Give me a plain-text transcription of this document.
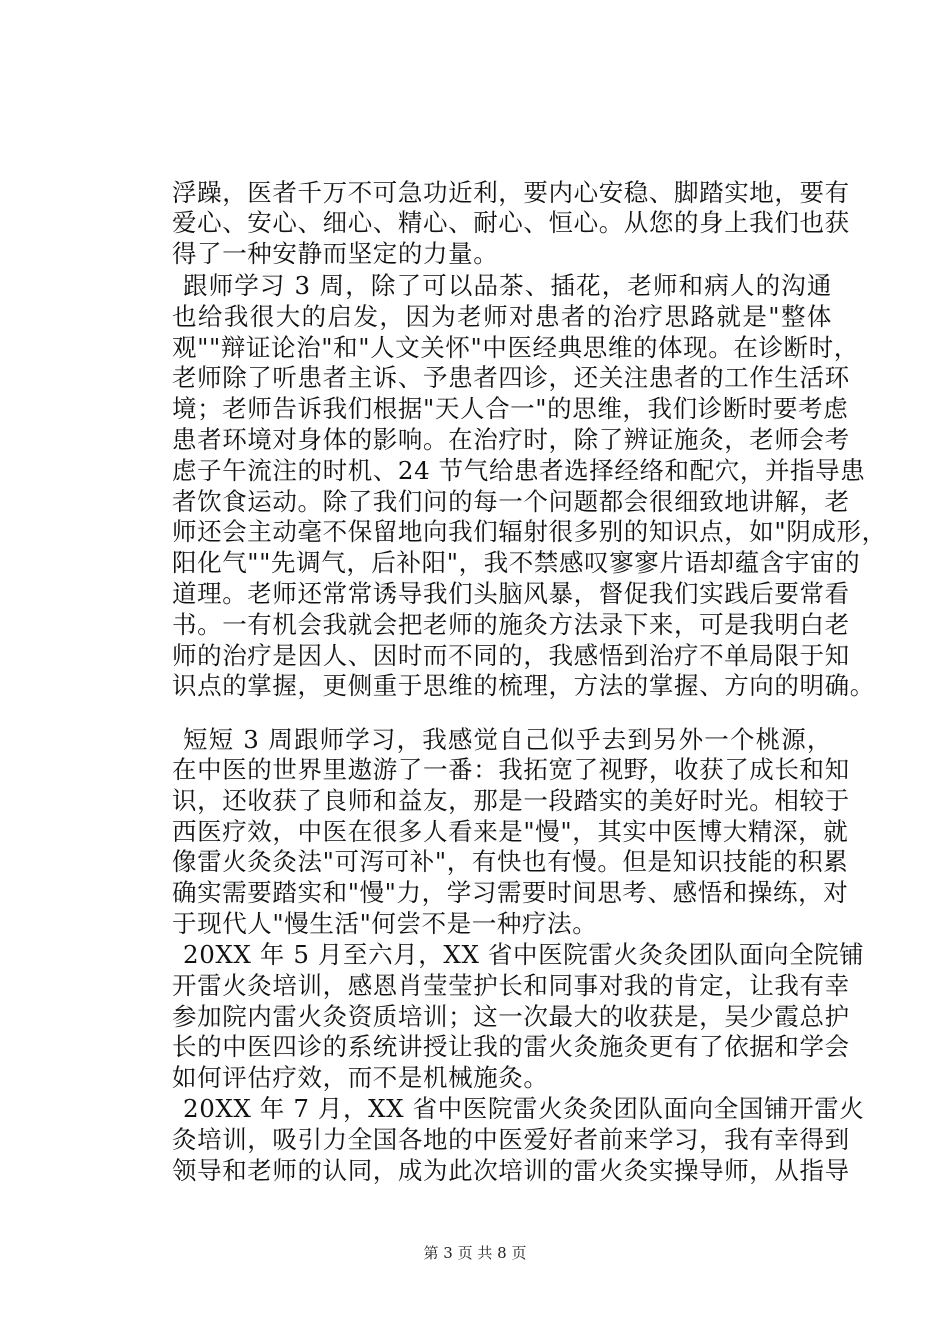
浮躁，医者千万不可急功近利，要内心安稳、脚踏实地，要有
爱心、安心、细心、精心、耐心、恒心。从您的身上我们也获
得了一种安静而坚定的力量。
跟师学习 3 周，除了可以品茶、插花，老师和病人的沟通
也给我很大的启发，因为老师对患者的治疗思路就是"整体
观""辩证论治"和"人文关怀"中医经典思维的体现。在诊断时，
老师除了听患者主诉、予患者四诊，还关注患者的工作生活环
境；老师告诉我们根据"天人合一"的思维，我们诊断时要考虑
患者环境对身体的影响。在治疗时，除了辨证施灸，老师会考
虑子午流注的时机、24 节气给患者选择经络和配穴，并指导患
者饮食运动。除了我们问的每一个问题都会很细致地讲解，老
师还会主动毫不保留地向我们辐射很多别的知识点，如"阴成形，
阳化气""先调气，后补阳"，我不禁感叹寥寥片语却蕴含宇宙的
道理。老师还常常诱导我们头脑风暴，督促我们实践后要常看
书。一有机会我就会把老师的施灸方法录下来，可是我明白老
师的治疗是因人、因时而不同的，我感悟到治疗不单局限于知
识点的掌握，更侧重于思维的梳理，方法的掌握、方向的明确。
短短 3 周跟师学习，我感觉自己似乎去到另外一个桃源，
在中医的世界里遨游了一番：我拓宽了视野，收获了成长和知
识，还收获了良师和益友，那是一段踏实的美好时光。相较于
西医疗效，中医在很多人看来是"慢"，其实中医博大精深，就
像雷火灸灸法"可泻可补"，有快也有慢。但是知识技能的积累
确实需要踏实和"慢"力，学习需要时间思考、感悟和操练，对
于现代人"慢生活"何尝不是一种疗法。
20XX 年 5 月至六月，XX 省中医院雷火灸灸团队面向全院铺
开雷火灸培训，感恩肖莹莹护长和同事对我的肯定，让我有幸
参加院内雷火灸资质培训；这一次最大的收获是，吴少霞总护
长的中医四诊的系统讲授让我的雷火灸施灸更有了依据和学会
如何评估疗效，而不是机械施灸。
20XX 年 7 月，XX 省中医院雷火灸灸团队面向全国铺开雷火
灸培训，吸引力全国各地的中医爱好者前来学习，我有幸得到
领导和老师的认同，成为此次培训的雷火灸实操导师，从指导
第 3 页 共 8 页
